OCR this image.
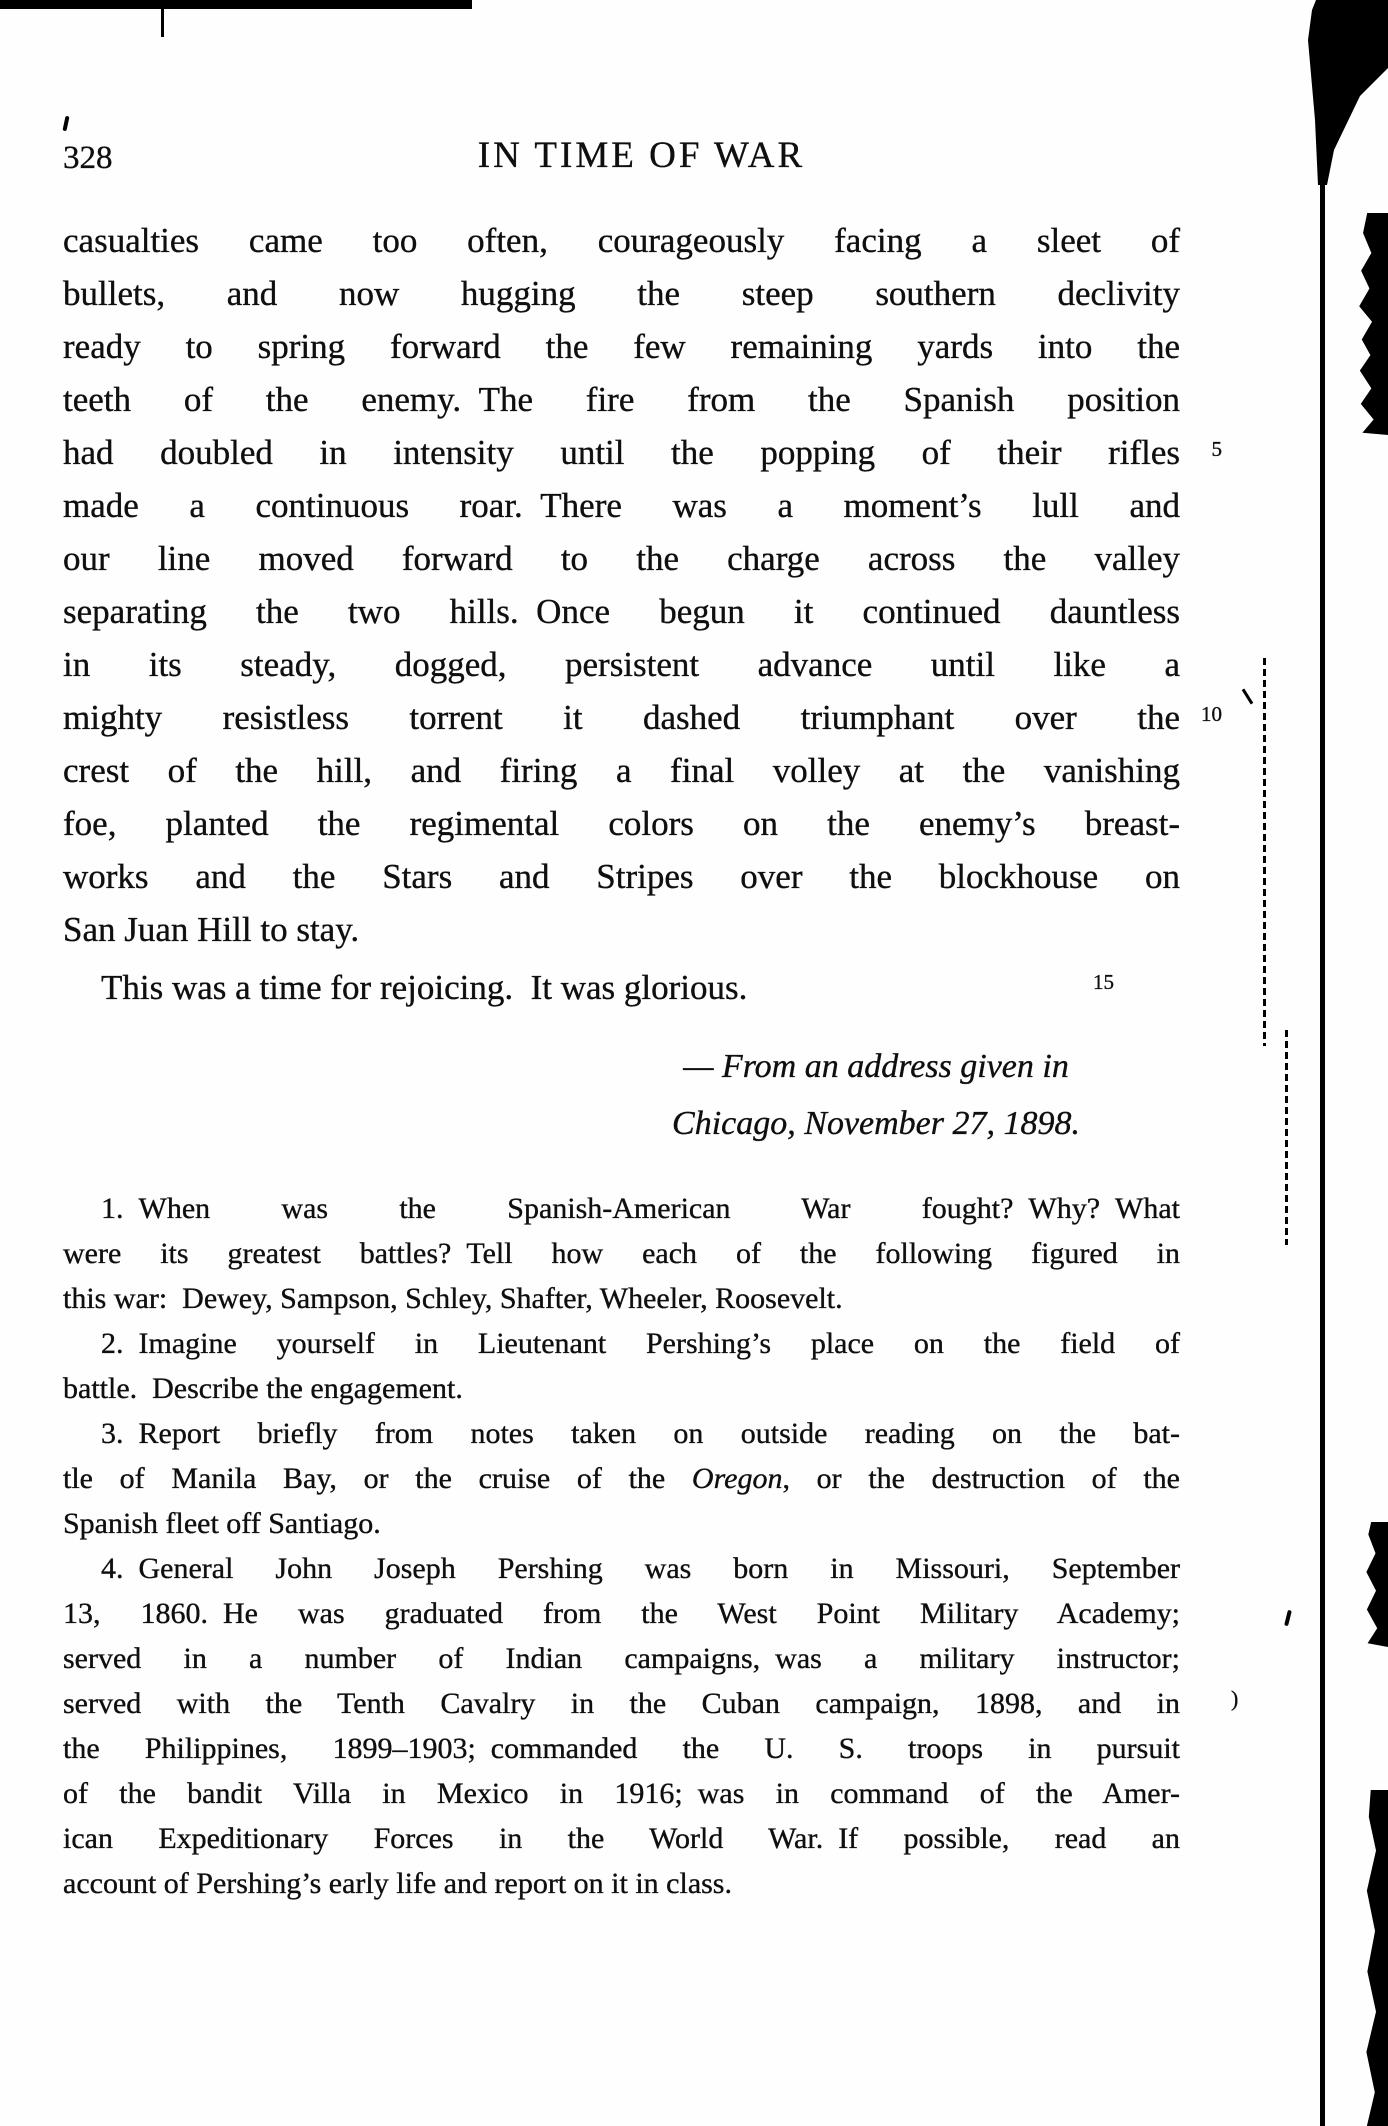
)
328	IN TIME OF WAR
casualties came too often, courageously facing a sleet of
bullets, and now hugging the steep southern declivity
ready to spring forward the few remaining yards into the
teeth of the enemy. The fire from the Spanish position
had doubled in intensity until the popping of their rifles 5
made a continuous roar. There was a moment’s lull and
our line moved forward to the charge across the valley
separating the two hills. Once begun it continued dauntless
in its steady, dogged, persistent advance until like a
mighty resistless torrent it dashed triumphant over the 10
crest of the hill, and firing a final volley at the vanishing
foe, planted the regimental colors on the enemy’s breast-
works and the Stars and Stripes over the blockhouse on
San Juan Hill to stay.
This was a time for rejoicing. It was glorious.	15
— From an address given in
Chicago, November 27, 1898.
1. When was the Spanish-American War fought? Why? What
were its greatest battles? Tell how each of the following figured in
this war: Dewey, Sampson, Schley, Shafter, Wheeler, Roosevelt.
2. Imagine yourself in Lieutenant Pershing’s place on the field of
battle. Describe the engagement.
3. Report briefly from notes taken on outside reading on the bat-
tle of Manila Bay, or the cruise of the Oregon, or the destruction of the
Spanish fleet off Santiago.
4. General John Joseph Pershing was born in Missouri, September
13, 1860. He was graduated from the West Point Military Academy;
served in a number of Indian campaigns, was a military instructor;
served with the Tenth Cavalry in the Cuban campaign, 1898, and in
the Philippines, 1899–1903; commanded the U. S. troops in pursuit
of the bandit Villa in Mexico in 1916; was in command of the Amer-
ican Expeditionary Forces in the World War. If possible, read an
account of Pershing’s early life and report on it in class.
